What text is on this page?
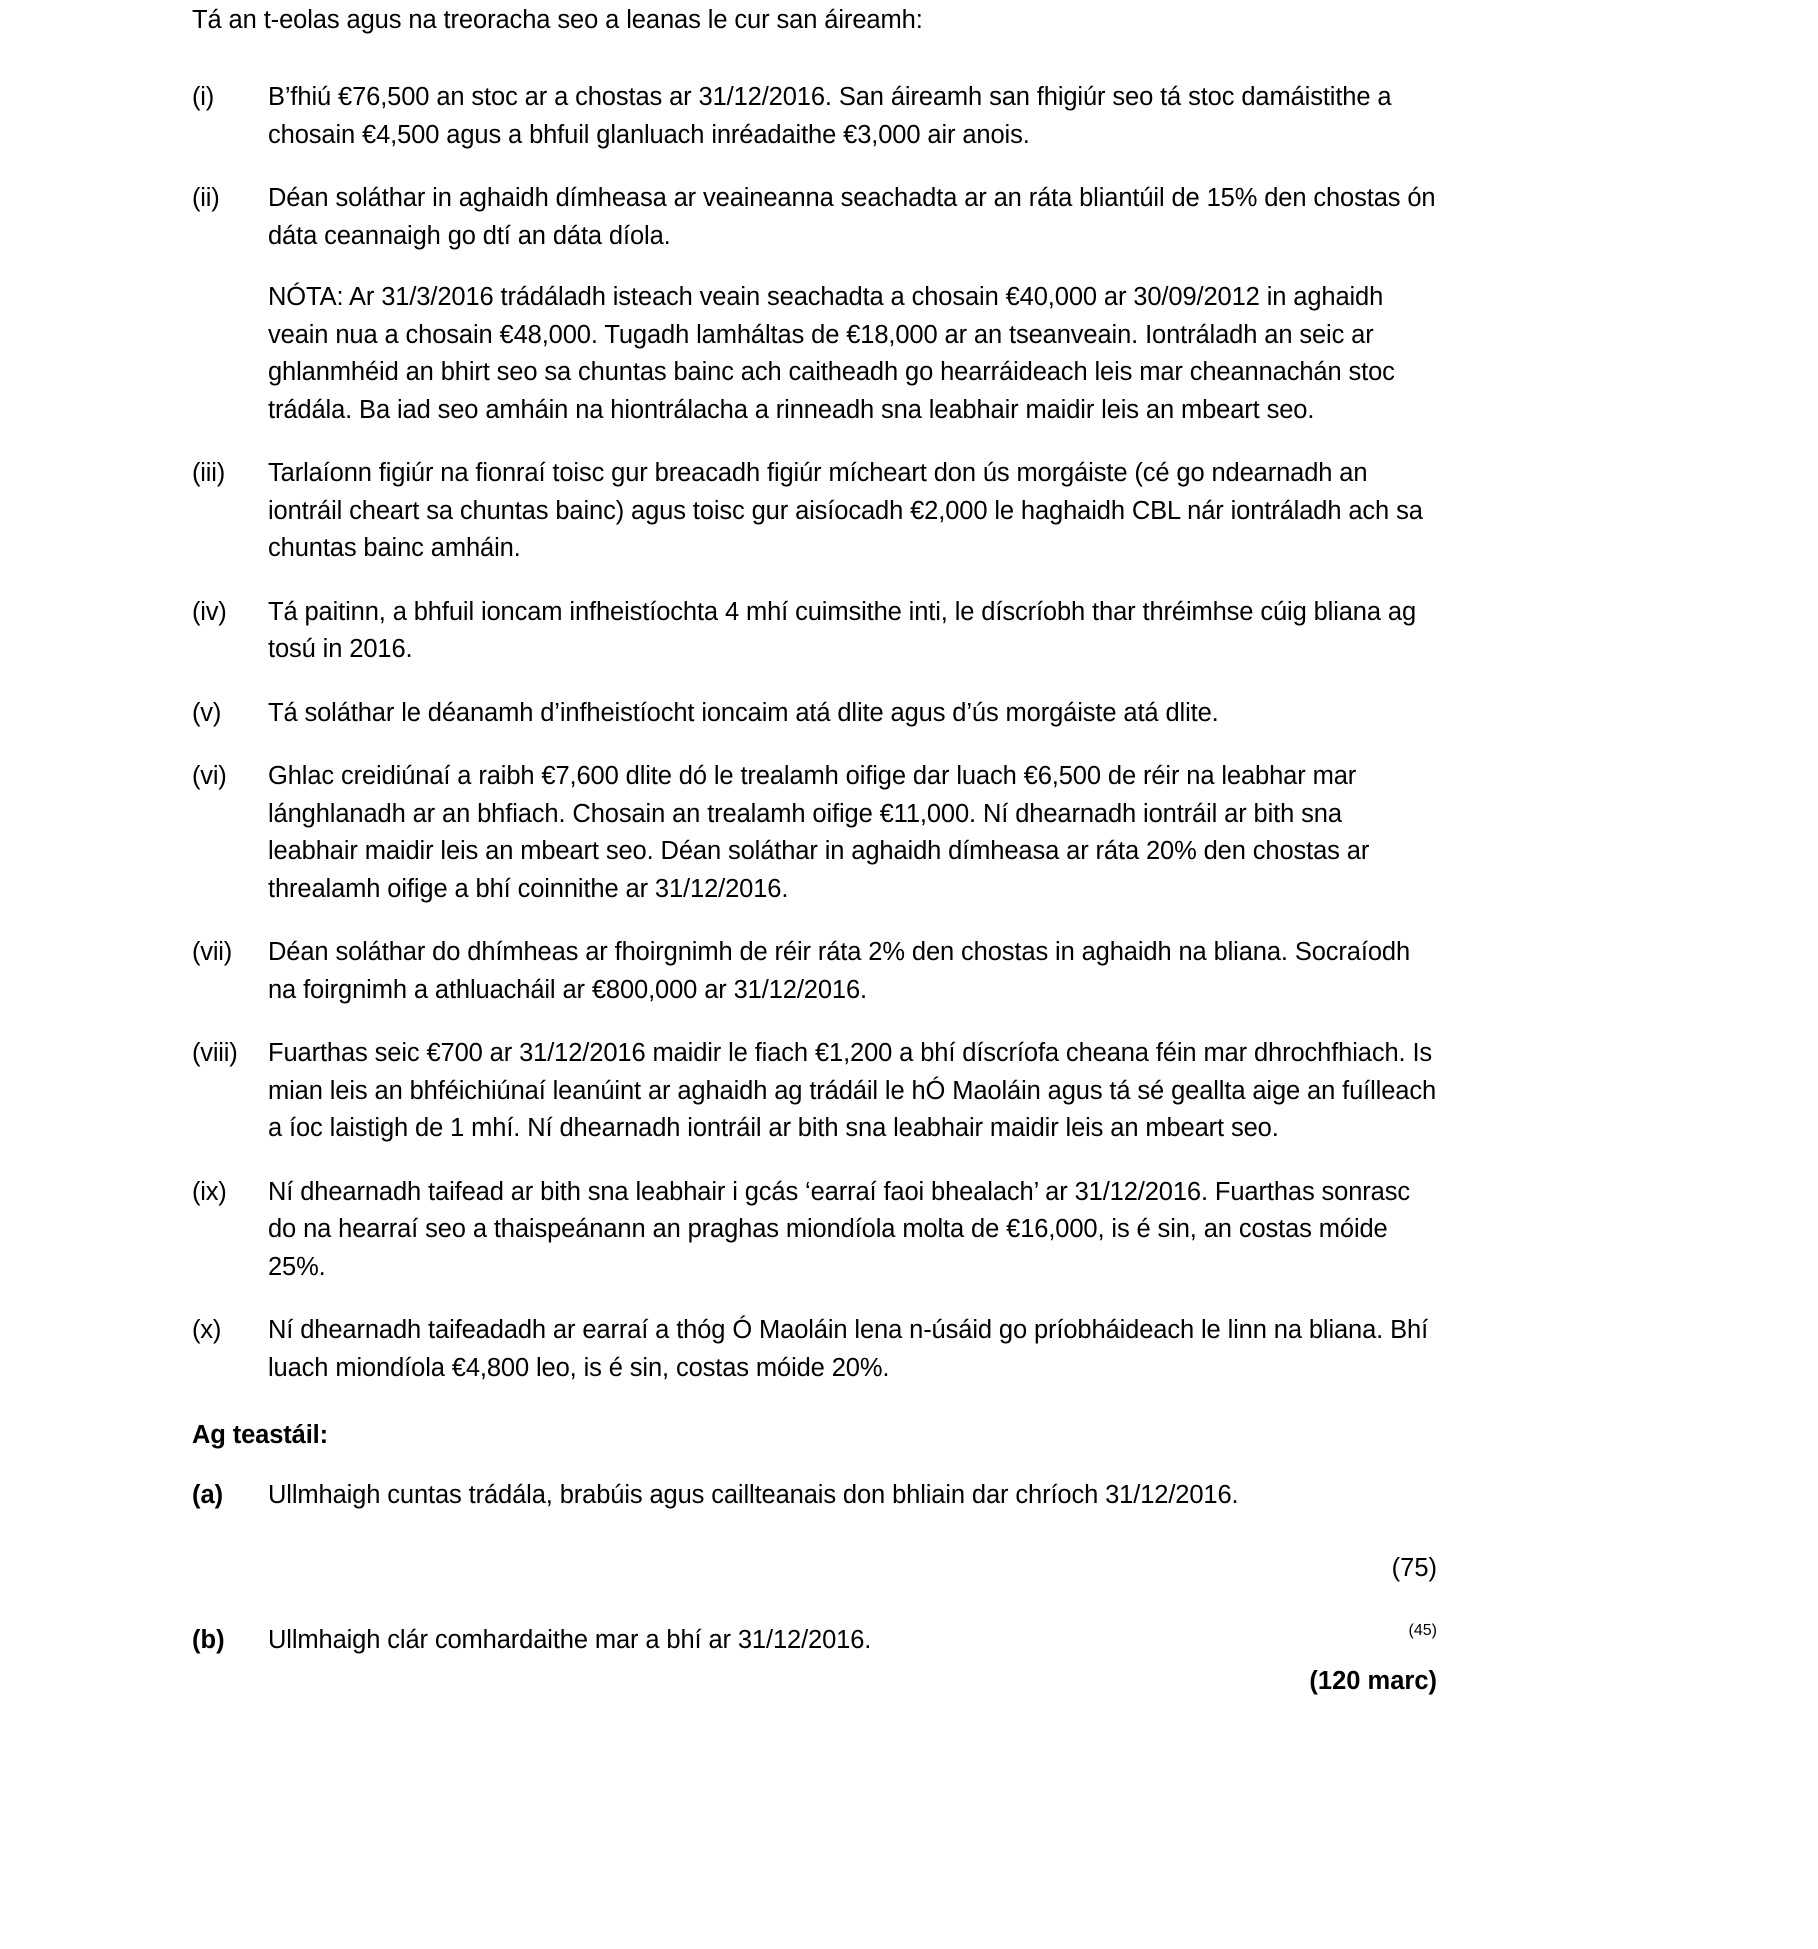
Tá an t-eolas agus na treoracha seo a leanas le cur san áireamh:

(i)	B’fhiú €76,500 an stoc ar a chostas ar 31/12/2016. San áireamh san fhigiúr seo tá stoc damáistithe a chosain €4,500 agus a bhfuil glanluach inréadaithe €3,000 air anois.
(ii)	Déan soláthar in aghaidh dímheasa ar veaineanna seachadta ar an ráta bliantúil de 15% den chostas ón dáta ceannaigh go dtí an dáta díola.
NÓTA: Ar 31/3/2016 trádáladh isteach veain seachadta a chosain €40,000 ar 30/09/2012 in aghaidh veain nua a chosain €48,000. Tugadh lamháltas de €18,000 ar an tseanveain. Iontráladh an seic ar ghlanmhéid an bhirt seo sa chuntas bainc ach caitheadh go hearráideach leis mar cheannachán stoc trádála. Ba iad seo amháin na hiontrálacha a rinneadh sna leabhair maidir leis an mbeart seo.
(iii)	Tarlaíonn figiúr na fionraí toisc gur breacadh figiúr mícheart don ús morgáiste (cé go ndearnadh an iontráil cheart sa chuntas bainc) agus toisc gur aisíocadh €2,000 le haghaidh CBL nár iontráladh ach sa chuntas bainc amháin.
(iv)	Tá paitinn, a bhfuil ioncam infheistíochta 4 mhí cuimsithe inti, le díscríobh thar thréimhse cúig bliana ag tosú in 2016.
(v)	Tá soláthar le déanamh d’infheistíocht ioncaim atá dlite agus d’ús morgáiste atá dlite.
(vi)	Ghlac creidiúnaí a raibh €7,600 dlite dó le trealamh oifige dar luach €6,500 de réir na leabhar mar lánghlanadh ar an bhfiach. Chosain an trealamh oifige €11,000. Ní dhearnadh iontráil ar bith sna leabhair maidir leis an mbeart seo. Déan soláthar in aghaidh dímheasa ar ráta 20% den chostas ar threalamh oifige a bhí coinnithe ar 31/12/2016.
(vii)	Déan soláthar do dhímheas ar fhoirgnimh de réir ráta 2% den chostas in aghaidh na bliana. Socraíodh na foirgnimh a athluacháil ar €800,000 ar 31/12/2016.
(viii)	Fuarthas seic €700 ar 31/12/2016 maidir le fiach €1,200 a bhí díscríofa cheana féin mar dhrochfhiach. Is mian leis an bhféichiúnaí leanúint ar aghaidh ag trádáil le hÓ Maoláin agus tá sé geallta aige an fuílleach a íoc laistigh de 1 mhí. Ní dhearnadh iontráil ar bith sna leabhair maidir leis an mbeart seo.
(ix)	Ní dhearnadh taifead ar bith sna leabhair i gcás ‘earraí faoi bhealach’ ar 31/12/2016. Fuarthas sonrasc do na hearraí seo a thaispeánann an praghas miondíola molta de €16,000, is é sin, an costas móide 25%.
(x)	Ní dhearnadh taifeadadh ar earraí a thóg Ó Maoláin lena n-úsáid go príobháideach le linn na bliana. Bhí luach miondíola €4,800 leo, is é sin, costas móide 20%.
Ag teastáil:
(a)	Ullmhaigh cuntas trádála, brabúis agus caillteanais don bhliain dar chríoch 31/12/2016.
(75)
(b)	Ullmhaigh clár comhardaithe mar a bhí ar 31/12/2016.	(45)
(120 marc)
